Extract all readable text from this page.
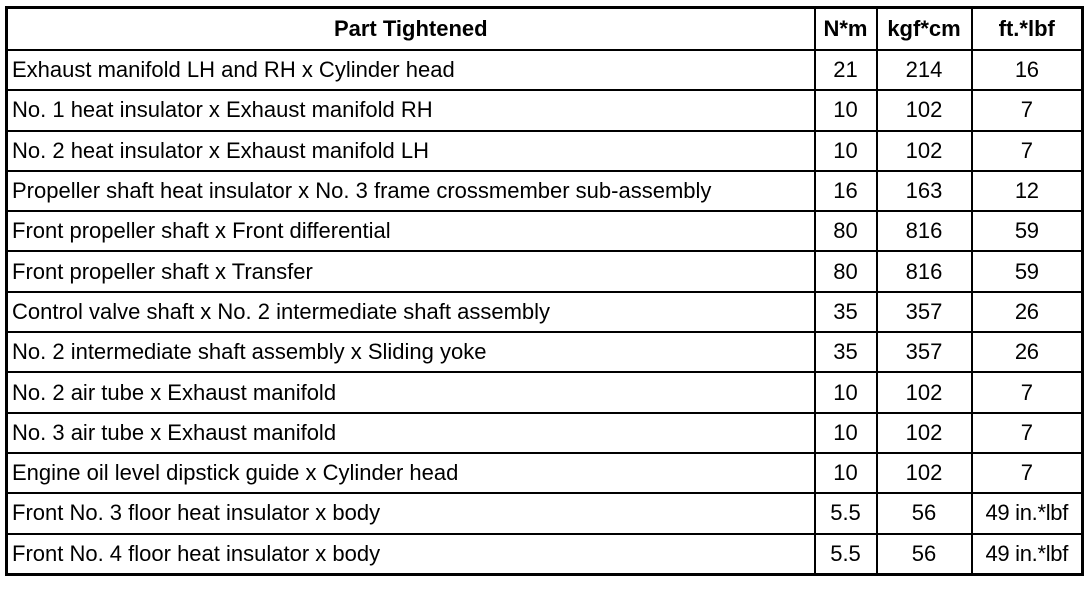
Part Tightened	N*m	kgf*cm	ft.*lbf
Exhaust manifold LH and RH x Cylinder head	21	214	16
No. 1 heat insulator x Exhaust manifold RH	10	102	7
No. 2 heat insulator x Exhaust manifold LH	10	102	7
Propeller shaft heat insulator x No. 3 frame crossmember sub-assembly	16	163	12
Front propeller shaft x Front differential	80	816	59
Front propeller shaft x Transfer	80	816	59
Control valve shaft x No. 2 intermediate shaft assembly	35	357	26
No. 2 intermediate shaft assembly x Sliding yoke	35	357	26
No. 2 air tube x Exhaust manifold	10	102	7
No. 3 air tube x Exhaust manifold	10	102	7
Engine oil level dipstick guide x Cylinder head	10	102	7
Front No. 3 floor heat insulator x body	5.5	56	49 in.*lbf
Front No. 4 floor heat insulator x body	5.5	56	49 in.*lbf
